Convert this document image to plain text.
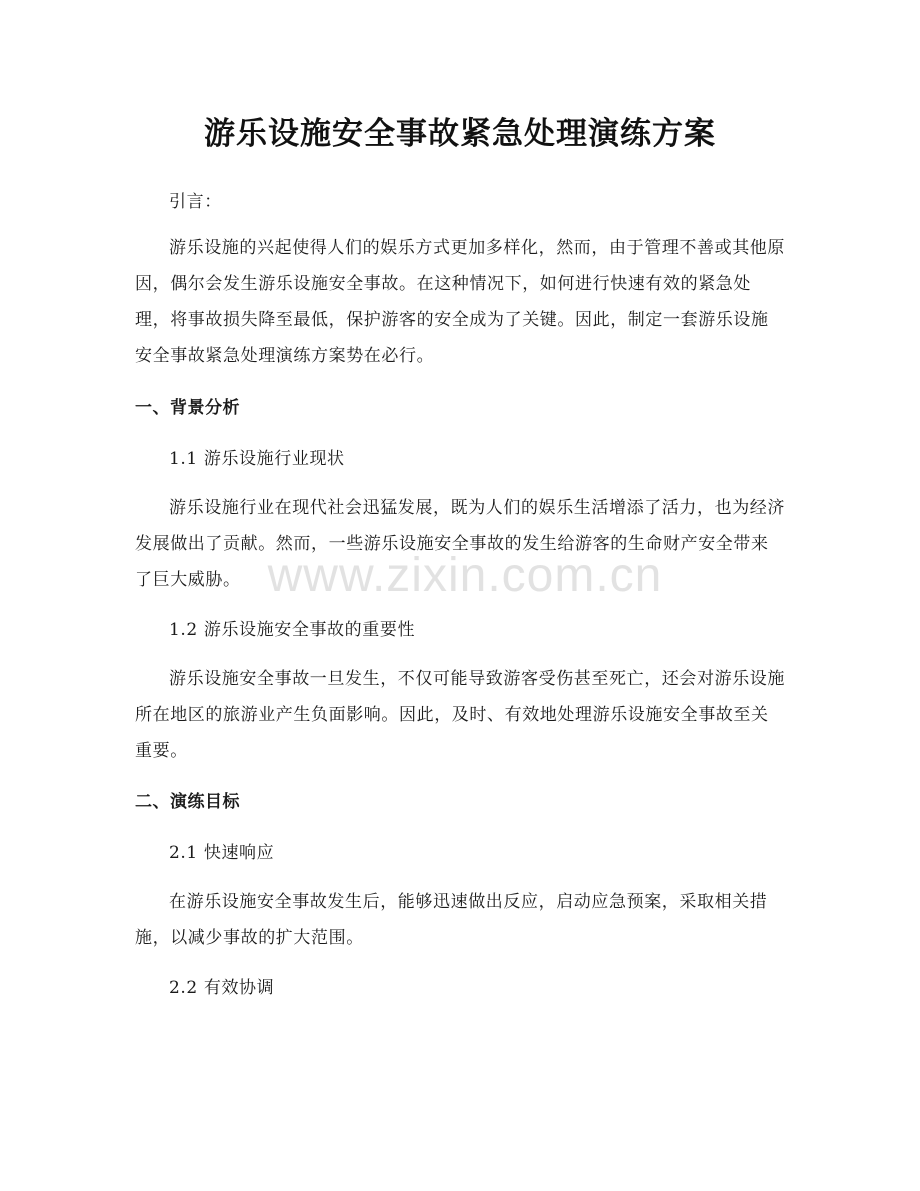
游乐设施安全事故紧急处理演练方案

引言：

游乐设施的兴起使得人们的娱乐方式更加多样化，然而，由于管理不善或其他原因，偶尔会发生游乐设施安全事故。在这种情况下，如何进行快速有效的紧急处理，将事故损失降至最低，保护游客的安全成为了关键。因此，制定一套游乐设施安全事故紧急处理演练方案势在必行。

一、背景分析

1.1 游乐设施行业现状

游乐设施行业在现代社会迅猛发展，既为人们的娱乐生活增添了活力，也为经济发展做出了贡献。然而，一些游乐设施安全事故的发生给游客的生命财产安全带来了巨大威胁。

1.2 游乐设施安全事故的重要性

游乐设施安全事故一旦发生，不仅可能导致游客受伤甚至死亡，还会对游乐设施所在地区的旅游业产生负面影响。因此，及时、有效地处理游乐设施安全事故至关重要。

二、演练目标

2.1 快速响应

在游乐设施安全事故发生后，能够迅速做出反应，启动应急预案，采取相关措施，以减少事故的扩大范围。

2.2 有效协调

www.zixin.com.cn
